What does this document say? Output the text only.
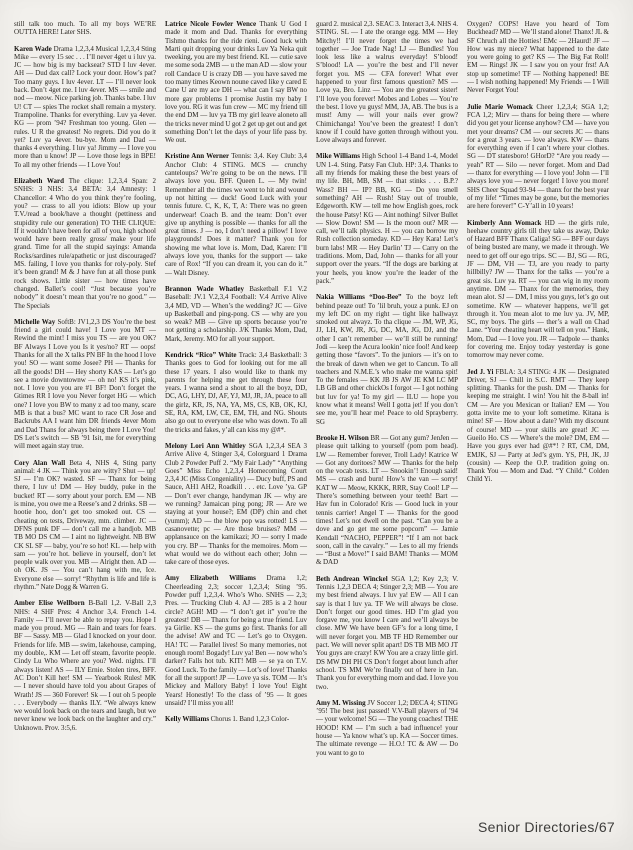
still talk too much. To all my boys WE’RE OUTTA HERE! Later SHS.

Karen Wade Drama 1,2,3,4 Musical 1,2,3,4 Sting Mike — every 15 sec . . . I’ll never 4get u i luv ya. JC — how big is my backseat? STD I luv 4ever. AH — Dud dax call? Lock your door. How’s pat? Too many guys. I luv 4ever. LT — I’ll never look back. Don’t 4get me. I luv 4ever. MS — smile and nod — meow. Nice parking job. Thanks babe. I luv U! CT — spies The rocket shall remain a mystery. Trampoline. Thanks for everything. Luv ya 4ever. KG — prom ’94? Freshman too young. Glen — rules. U R the greatest! No regrets. Did you do it yet? Luv ya 4ever. bu-bye. Mom and Dad — thanks 4 everything. I luv ya! Jimmy — I love you more than u know! JP — Love those legs in BPE! To all my other friends — I Love You!

Elizabeth Ward The clique: 1,2,3,4 Span: 2 SNHS: 3 NHS: 3,4 BETA: 3,4 Amnesty: 1 Chancellor: 4 Who do you think they’re fooling, you? — crass to all you idiots: Blow up your T.V./read a book/have a thought (pettiness and stupidity rule our generation) TO THE CLIQUE: If it wouldn’t have been for all of you, high school would have been really gross/ make your life grand. Time for all the stupid sayings: Amanda Rocks/sardines rule/apathetic or just discouraged? MS. failing, I love you thanks for roly-poly. Stef it’s been grand! M & J have fun at all those punk rock shows. Little sister — how times have changed. Ballet’s cool! “Just because you’re nobody” it doesn’t mean that you’re no good.” — The Specials

Michelle Way SoftB: JV1,2,3 DS You’re the best friend a girl could have! I Love you MT — Rewind the mint! I miss you TS — are you OK? BF Always I Love you Is it yes/no? RT — oops! Thanks for all the X talks PN BF In the hood I love you! SO — want some Josee? PH — Thanks for all the goods! DH — Hey shorty KAS — Let’s go see a movie downtownw — oh no! KS it’s pink, not. I love you you are #1 BF! Don’t forget the Gtimes RR I love you Never forget HG — which one? I love you BW to many z ad too many, scare MB is that a bus? MC want to race CR Jose and Backrubs AA I want him DR friends 4ever Mom and Dad Thans for always being there I Love You! DS Let’s switch — SB ’91 Isit, me for everything will meet again stay true.

Cory Alan Wall Beta 4, NHS 4, Sting party animal: 4 JK — Think you are witty? Shut — up! SJ — I’m OK? wasted. SF — Thanx for being there, I luv u! DM — Hey buddy, puke in the bucket! RT — sorry about your porch. EM — NB is mine, you owe me a Reese’s and 2 drinks. SB — hootie hoo, don’t get too smoked out. CS — cheating on tests, Driveway, mtn. climber. JC — DFNS punk DF — don’t call me a handjob. MB TB MO DS CM — I aint no lightweight. NB BW CK SL SF — baby, you’re so hot! KL — help with sam — you’re hot. believe in yourself, don’t let people walk over you. MB — Alright then. AD — oh OK. JS — You can’t hang with me, Ice. Everyone else — sorry! “Rhythm is life and life is rhythm.” Nate Dogg & Warren G.

Amber Elise Wellborn B-Ball 1,2. V-Ball 2,3 NHS: 4 SHF Pres: 4 Anchor 3,4. French 1-4. Family — I’ll never be able to repay you. Hope I made you proud. MG — Rain and tears for fears. BF — Sassy. MB — Glad I knocked on your door. Friends for life. MB — swim, lakehouse, camping, my double,. KM — Let off steam, favorite people. Cindy Lu Who Where are you? Wed. nights. I’ll always listen! AS — ILY Ernie. Stolen tires, BFF. AC Don’t Kill her! SM — Yearbook Rules! MK — I never should have told you about Grapes of Wrath! JS — 360 Forever! Sk — I out oh 5 people . . . Everybody — thanks ILY. “We always knew we would look back on the tears and laugh, but we never knew we look back on the laughter and cry.” Unknown. Prov. 3:5,6.

Latrice Nicole Fowler Wence Thank U God I made it mom and Dad. Thanks for everything Tishmo thanks for the ride rieni. Good luck with Marti quit dropping your drinks Luv Ya Neka quit tweeking, you are my best friend. KL — cutie save me some soda 2MB — u the man AD — slow your roll Candace U is crazy DB — you have saved me too many times Keown noune caved like y cared E Cane U are my ace DH — what can I say BW no more gay problems I promise Justin my baby I love you. RG it was fun crew — MC my friend till the end DM — luv ya TB my girl leave aloneto all the tricks never mind U got 2 get up get out and get something Don’t let the days of your life pass by. We out.

Kristine Ann Werner Tennis: 3,4. Key Club: 3,4 Anchor Club: 4 STING. MCS — crunchy canteloups? We’re going to be on the news. I’ll always love you. BFF. Queen L. — My twin! Remember all the times we went to hit and wound up not hitting — duck! Good Luck with your tennis future. C, K, K, T, A: There was no green underwear! Coach B. and the team: Don’t ever give up anything is possible — thanks for all the great times. J — no, I don’t need a pillow! I love playgrounds! Does it matter? Thank you for showing me what love is. Mom, Dad, Karen: I’ll always love you, thanks for the support — take care of Rox! “If you can dream it, you can do it.” — Walt Disney.

Brannon Wade Whatley Basketball F.1 V.2 Baseball: JV.1 V.2,3,4 Football: V.4 Arrive Alive 3,4 MD, VD — When’s the wedding? JC — Give up Basketball and ping-pong. CS — why are you so weak? MB — Give up sports because you’re not getting a scholarship. J/K Thanks Mom, Dad, Mark, Jeremy. MO for all your support.

Kendrick “Rico” White Track: 3,4 Basketball: 3 Thanks goes to God for looking out for me all these 17 years. I also would like to thank my parents for helping me get through these four years. I wanna send a shout to all the boyz, DD, DC, AG, LHY, DJ, AF, YJ, MJ, JR, JA, peace to all the girlz, KR, JS, NA, YA, MS, CS, KB, OK, KJ, SE, RA, KM, LW, CE, EM, TH, and NG. Shouts also go out to everyone else who was down. To all the tricks and fakes, y’all can kiss my @#*.

Melony Lori Ann Whitley SGA 1,2,3,4 SEA 3 Arrive Alive 4, Stinger 3,4, Colorguard 1 Drama Club 2 Powder Puff 2. “My Fair Lady” “Anything Goes” Miss Echo 1,2,3,4 Homecoming Court 2,3,4 JC (Miss Congeniality) — Ducy buff, PS and Sauce, AH1 AH2, Roadkill . . . etc. Love ’ya. GP — Don’t ever change, handyman JK — why are we running? Jamaican ping pong; JR — Are we staying at your house?; EM (DP) chin and chet (yumm); AD — the blow pop was rotted! LS — casanovette; pc — Are those bruises? MM — applansauce on the kamikazi; JO — sorry I made you cry. BP — Thanks for the memoires. Mom — what would we do without each other; John — take care of those eyes.

Amy Elizabeth Williams Drama 1,2; Cheerleading 2,3; soccer 1,2,3,4; Sting ’95. Powder puff 1,2,3,4. Who’s Who. SNHS — 2,3; Pres. — Trucking Club 4. AJ — 285 is a 2 hour circle? AGH! MD — “I don’t get it” you’re the greatest! DB — Thanx for being a true friend. Luv ya Girlie. KS — the gums go first. Thanks for all the advise! AW and TC — Let’s go to Oxygen. HA! TC — Parallel lives! So many memories, not enough room! Bogady! Luv ya! Ben — now who’s darker? Falls hot tub. KIT! MB — se ya on T.V. Good Luck. To the family — Lot’s of love! Thanks for all the support! JP — Love ya sis. TOM — It’s Mickey and Mallory Baby! I love You! Eight Years! Honestly! To the class of ’95 — It goes unsaid? I’ll miss you all!

Kelly Williams Chorus 1. Band 1,2,3 Color-

guard 2. musical 2,3. SEAC 3. Interact 3,4. NHS 4. STING. SL — I ate the orange egg. MM — Hey Mitchy!! I’ll never forget the times we had together — Joe Trade Nag! LJ — Bundles! You look less like a walrus everyday! S’blood! S’blood! LA — you’re the best and I’ll never forget you. MS — CFA forever! What ever happened to your first famous question? MS — Love ya, Bro. Linz — You are the greatest sister! I’ll love you forever! Mobes and Lobes — You’re the best. I love yu guys! MM, JA, AB. The bus is a must! Amy — will your nails ever grow? Chimichanga! You’ve been the greatest! I don’t know if I could have gotten through without you. Love always and forever.

Mike Williams High School 1-4 Band 1-4, Model UN 1-4. Sting. Patsy Fan Club. HP: 3,4. Thanks to all my friends for making these the best years of my life. BH, MB, SM — that stinks . . . B.P.? Wass? BH — IP? BB, KG — Do you smell something? AH — Rush! Stay out of trouble, Edgeworth. KW — tell me how English goes, rock the house Patsy! KG — Aint nothing! Silver Bullet — Slow Down! SM — Is the moon out? MR — call, we’ll talk physics. H — you can borrow my Rush collection someday. KD — Hey Kara! Let’s burn labs! MR — Hey Darlin’ TJ — Carry on the traditions. Mom, Dad, John — thanks for all your support over the years. “If the dogs are barking at your heels, you know you’re the leader of the pack.”

Nakia Williams “Doo-Bee” To the boyz left behind peaze out! To ’lil bruh, youz a punk. EJ on my left DC on my right — tight like hallwayz smoked out alwayz. To tha clique — JM, WP, JG, JJ, LH, KW, JR, JG, DC, MA, JG, DJ, and the other I can’t remember — we’ll still be running! Jodi — keep the Acura lookin’ nice fool! And keep getting those “favors”. To the juniors — it’s on to the break of dawn when we get to Cancun. To all teachers and N.M.E.’s who make me wanna spit! To the females — KK JB JS AW JE KM LC MP LB GB and other chickOs I forgot — I got nothing but luv for ya! To my girl — ILU — hope you know what it means! Well I gotta jet! If you don’t see me, you’ll hear me! Peace to old Sprayberry. SG

Brooke H. Wilson BR — Got any gum? JenJen — please quit talking to yourself (pom pom head). LW — Remember forever, Troll Lady! Katrice W — Got any doritoes? MW — Thanks for the help on the vocab tests. LT — Snookin’! Enough said! MS — crash and burn! How’s the van — sorry! KAT W — Meow, KKKK, RRR, Stay Cool! LP — There’s something between your teeth! Bart — Hav fun in Colorado! Kris — Good luck in your tennis carrier! Angel T — Thanks for the good times! Let’s not dwell on the past. “Can you be a dove and go get me some popcorn” — Jamie Kendall “NACHO, PEPPER”! “If I am not back soon, call in the cavalry.” — Les to all my friends — “Bust a Move!” I said BAM! Thanks — MOM & DAD

Beth Andrean Winckel SGA 1,2; Key 2,3; V. Tennis 1,2,3 DECA 4; Stinger 2,3; MB — You are my best friend always. I luv ya! EW — All I can say is that I luv ya. TF We will always be close. Don’t forget our good times. HD I’m glad you forgave me, you know I care and we’ll always be close. MW We have been GF’s for a long time, I will never forget you. MB TF HD Remember our pact. We will never split apart! DS TB MB MO JT You guys are crazy! KW You are a crazy little girl. DS MW DH PH CS Don’t forget about lunch after school. TS MM We’re finally out of here in Jan. Thank you for everything mom and dad. I love you two.

Amy M. Wissing JV Soccer 1,2; DECA 4; STING ’95! The best just passed! V.V-Ball players of ’94 — your welcome! SG — The young coaches! THE HOOD! KM — I’m such a bad influence! your house — Ya know what’s up. KA — Soccer times. The ultimate revenge — H.O.! TC & AW — Do you want to go to

Oxygen? COPS! Have you heard of Tom Buckhead? MD — We’ll stand alone! Thanx! JL & SF Chruch all the Hotties! EMc — 2Haurd! JF — How was my niece? What happened to the date you were going to get? KS — The Big Fat Roll! EM — Rings! JK — I saw you on your frst! AA stop up sometime! TF — Nothing happened! BE — I wish nothing happened! My Friends — I Will Never Forget You!

Julie Marie Womack Cheer 1,2,3,4; SGA 1,2; FCA 1,2; Mirv — thans for being there — where did you get your license anyhow? CM — have you met your dreams? CM — our secrets JC — thans for a great 3 years. — love always. KW — thans for everything even if I can’t where your clothes. SG — DT statesboro! GHorD? “Are you ready — yeah” RT — Silo — never forget. Mom and Dad — thanx for everything — I love you! John — I’ll always love you — never forget! I love you more! SHS Cheer Squad 93-94 — thanx for the best year of my life! “Times may be gone, but the memories are here forever!” C-Y’all in 10 years!

Kimberly Ann Womack HD — the girls rule, heehaw country girls till they take us away, Duke of Hazard BFF Thanx Caliga! SG — BFF our days of being busted are many, we made it through. We need to get off our ego trips. SC — BJ, SG — RG, JF — DM, VH — TJ, are you ready to party hillbilly? JW — Thanx for the talks — you’re a great sis. Luv ya. RT — you can wig in my room anytime. DM — Thanx for the memories, they mean alot. SJ — DM, I miss you guys, let’s go out sometime. KW — whatever happens, we’ll get through it. You mean alot to me luv ya. JV, MP, SC, my boys. The girls — ther’s a wall on Chad Lane. “Your cheating heart will tell on you.” Hank, Mom, Dad — I love you. JR — Tadpole — thanks for covering me. Enjoy today yesterday is gone tomorrow may never come.

Jed J. Yi FBLA: 3,4 STING: 4 JK — Designated Driver, SJ — Chill in S.C. RMT — They keep splitting. Thanks for the push. DM — Thanks for keeping me straight. I win! You hit the 8-ball in! CM — Are you Mexican or Italian? EM — You gotta invite me to your loft sometime. Kitana is mine! SF — How about a date? With my discount of course! MD — your skills are great! JC — Gueilo Ho. CS — Where’s the mole? DM, EM — Have you guys ever had @#*! ? RT, CM, DM, EMJK, SJ — Party at Jed’s gym. YS, PH, JK, JJ (cousin) — Keep the O.P. tradition going on. Thank You — Mom and Dad. “Y Child.” Colden Child Yi.

Senior Directories/67
